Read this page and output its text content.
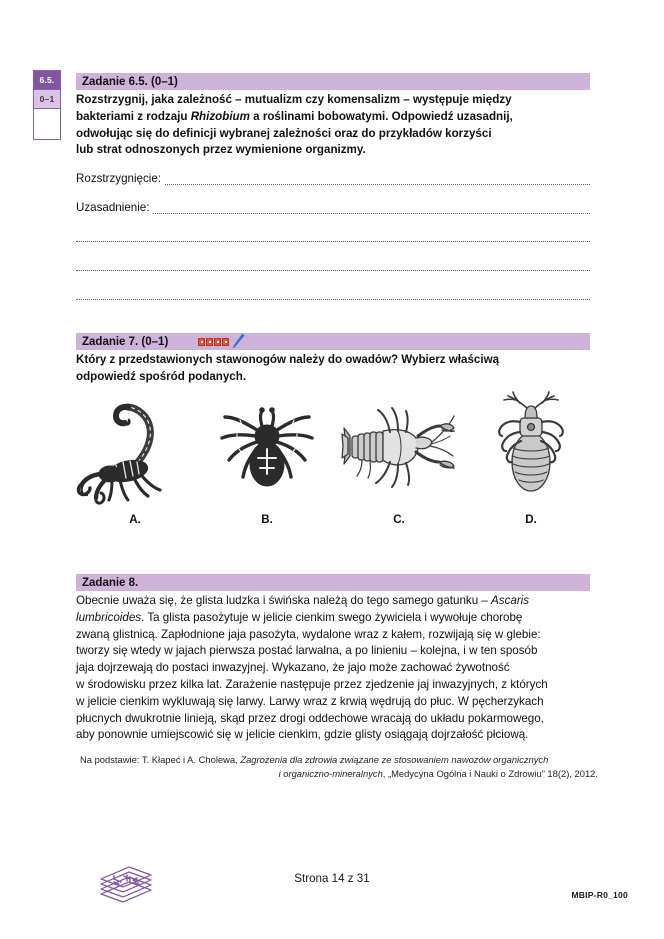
6.5.
0–1
Zadanie 6.5. (0–1)
Rozstrzygnij, jaka zależność – mutualizm czy komensalizm – występuje między
bakteriami z rodzaju Rhizobium a roślinami bobowatymi. Odpowiedź uzasadnij,
odwołując się do definicji wybranej zależności oraz do przykładów korzyści
lub strat odnoszonych przez wymienione organizmy.
Rozstrzygnięcie:
Uzasadnienie:
Zadanie 7. (0–1)
Który z przedstawionych stawonogów należy do owadów? Wybierz właściwą
odpowiedź spośród podanych.
A.	B.	C.	D.
Zadanie 8.
Obecnie uważa się, że glista ludzka i świńska należą do tego samego gatunku – Ascaris
lumbricoides. Ta glista pasożytuje w jelicie cienkim swego żywiciela i wywołuje chorobę
zwaną glistnicą. Zapłodnione jaja pasożyta, wydalone wraz z kałem, rozwijają się w glebie:
tworzy się wtedy w jajach pierwsza postać larwalna, a po linieniu – kolejna, i w ten sposób
jaja dojrzewają do postaci inwazyjnej. Wykazano, że jajo może zachować żywotność
w środowisku przez kilka lat. Zarażenie następuje przez zjedzenie jaj inwazyjnych, z których
w jelicie cienkim wykluwają się larwy. Larwy wraz z krwią wędrują do płuc. W pęcherzykach
płucnych dwukrotnie linieją, skąd przez drogi oddechowe wracają do układu pokarmowego,
aby ponownie umiejscowić się w jelicie cienkim, gdzie glisty osiągają dojrzałość płciową.
Na podstawie: T. Kłapeć i A. Cholewa, Zagrożenia dla zdrowia związane ze stosowaniem nawozów organicznych
i organiczno-mineralnych, „Medycyna Ogólna i Nauki o Zdrowiu” 18(2), 2012.
Strona 14 z 31
MBIP-R0_100
